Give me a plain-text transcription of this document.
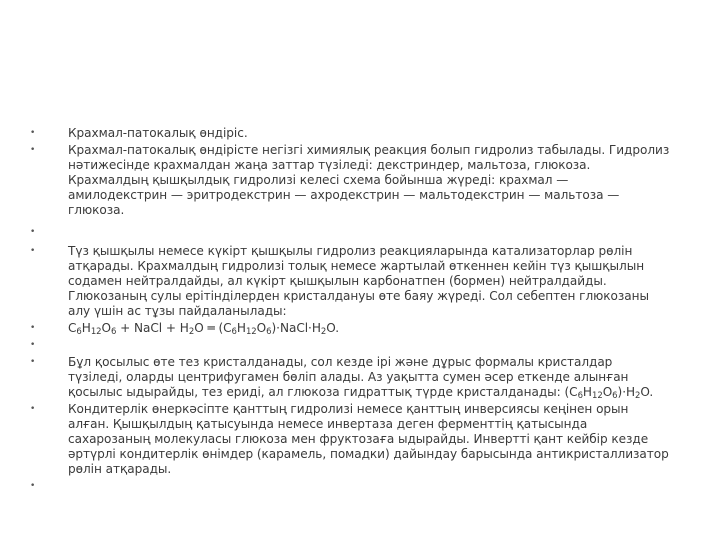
•	Крахмал-патокалық өндіріс.
•	Крахмал-патокалық өндірісте негізгі химиялық реакция болып гидролиз табылады. Гидролиз нәтижесінде крахмалдан жаңа заттар түзіледі: декстриндер, мальтоза, глюкоза. Крахмалдың қышқылдық гидролизі келесі схема бойынша жүреді: крахмал — амилодекстрин — эритродекстрин — ахродекстрин — мальтодекстрин — мальтоза — глюкоза.
•
•	Түз қышқылы немесе күкірт қышқылы гидролиз реакцияларында катализаторлар рөлін атқарады. Крахмалдың гидролизі толық немесе жартылай өткеннен кейін түз қышқылын содамен нейтралдайды, ал күкірт қышқылын карбонатпен (бормен) нейтралдайды. Глюкозаның сулы ерітінділерден кристалдануы өте баяу жүреді. Сол себептен глюкозаны алу үшін ас тұзы пайдаланылады:
•	$C_6H_{12}O_6$ + NaCl + $H_2O$ ═ $(C_6H_{12}O_6)\cdot NaCl\cdot H_2O$.
•
•	Бұл қосылыс өте тез кристалданады, сол кезде ірі және дұрыс формалы кристалдар түзіледі, оларды центрифугамен бөліп алады. Аз уақытта сумен әсер еткенде алынған қосылыс ыдырайды, тез ериді, ал глюкоза гидраттық түрде кристалданады: $(C_6H_{12}O_6)\cdot H_2O$.
•	Кондитерлік өнеркәсіпте қанттың гидролизі немесе қанттың инверсиясы кеңінен орын алған. Қышқылдың қатысуында немесе инвертаза деген ферменттің қатысында сахарозаның молекуласы глюкоза мен фруктозаға ыдырайды. Инвертті қант кейбір кезде әртүрлі кондитерлік өнімдер (карамель, помадки) дайындау барысында антикристаллизатор рөлін атқарады.
•
